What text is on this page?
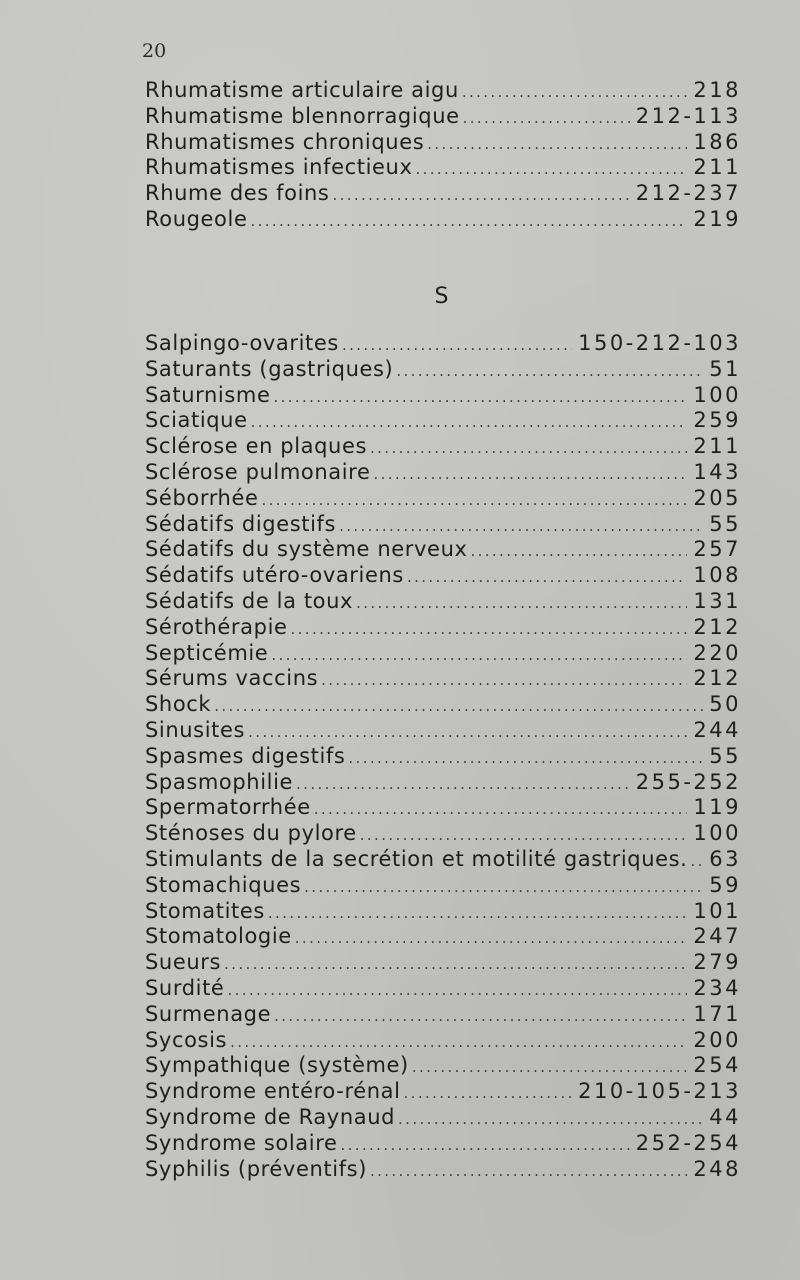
20
Rhumatisme articulaire aigu . . .	218
Rhumatisme blennorragique . . .	212-113
Rhumatismes chroniques . . .	186
Rhumatismes infectieux . . .	211
Rhume des foins . . .	212-237
Rougeole . . .	219
S
Salpingo-ovarites . . .	150-212-103
Saturants (gastriques) . . .	51
Saturnisme . . .	100
Sciatique . . .	259
Sclérose en plaques . . .	211
Sclérose pulmonaire . . .	143
Séborrhée . . .	205
Sédatifs digestifs . . .	55
Sédatifs du système nerveux . . .	257
Sédatifs utéro-ovariens . . .	108
Sédatifs de la toux . . .	131
Sérothérapie . . .	212
Septicémie . . .	220
Sérums vaccins . . .	212
Shock . . .	50
Sinusites . . .	244
Spasmes digestifs . . .	55
Spasmophilie . . .	255-252
Spermatorrhée . . .	119
Sténoses du pylore . . .	100
Stimulants de la secrétion et motilité gastriques. . . . 63
Stomachiques . . .	59
Stomatites . . .	101
Stomatologie . . .	247
Sueurs . . .	279
Surdité . . .	234
Surmenage . . .	171
Sycosis . . .	200
Sympathique (système) . . .	254
Syndrome entéro-rénal . . .	210-105-213
Syndrome de Raynaud . . .	44
Syndrome solaire . . .	252-254
Syphilis (préventifs) . . .	248
